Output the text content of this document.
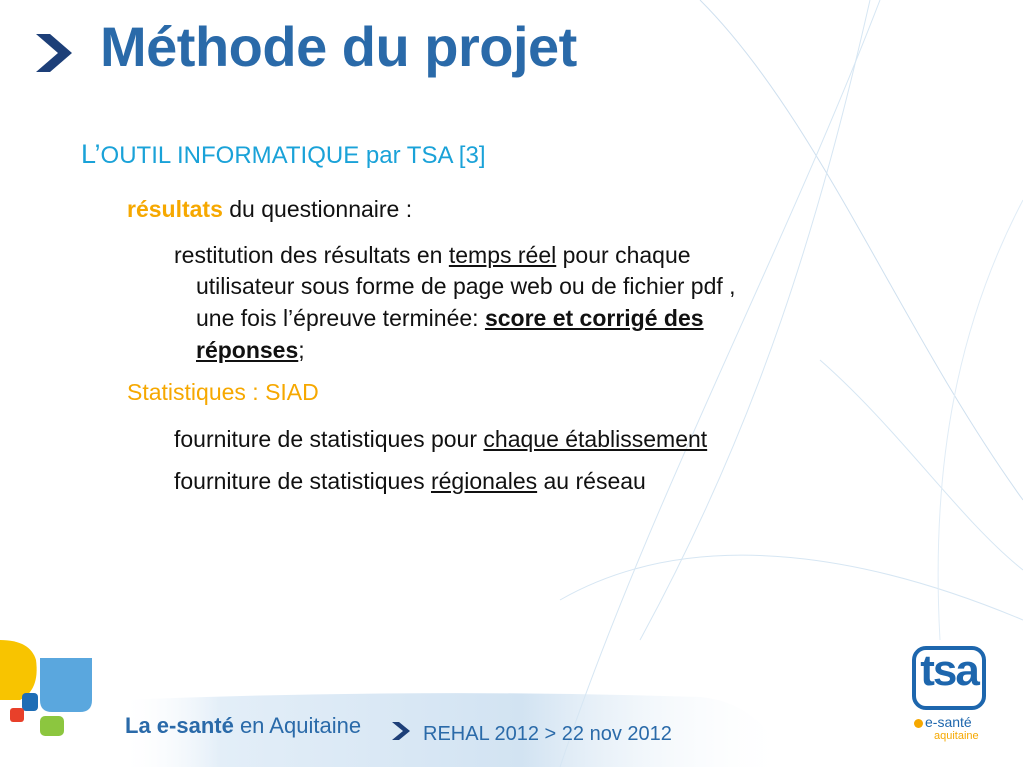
Méthode du projet
L’OUTIL INFORMATIQUE par TSA [3]
résultats du questionnaire :
restitution des résultats en temps réel pour chaque
utilisateur sous forme de page web ou de fichier pdf ,
une fois l’épreuve terminée: score et corrigé des
réponses;
Statistiques : SIAD
fourniture de statistiques pour chaque établissement
fourniture de statistiques régionales au réseau
La e-santé en Aquitaine	REHAL 2012 > 22 nov 2012
tsa
e-santé
aquitaine
